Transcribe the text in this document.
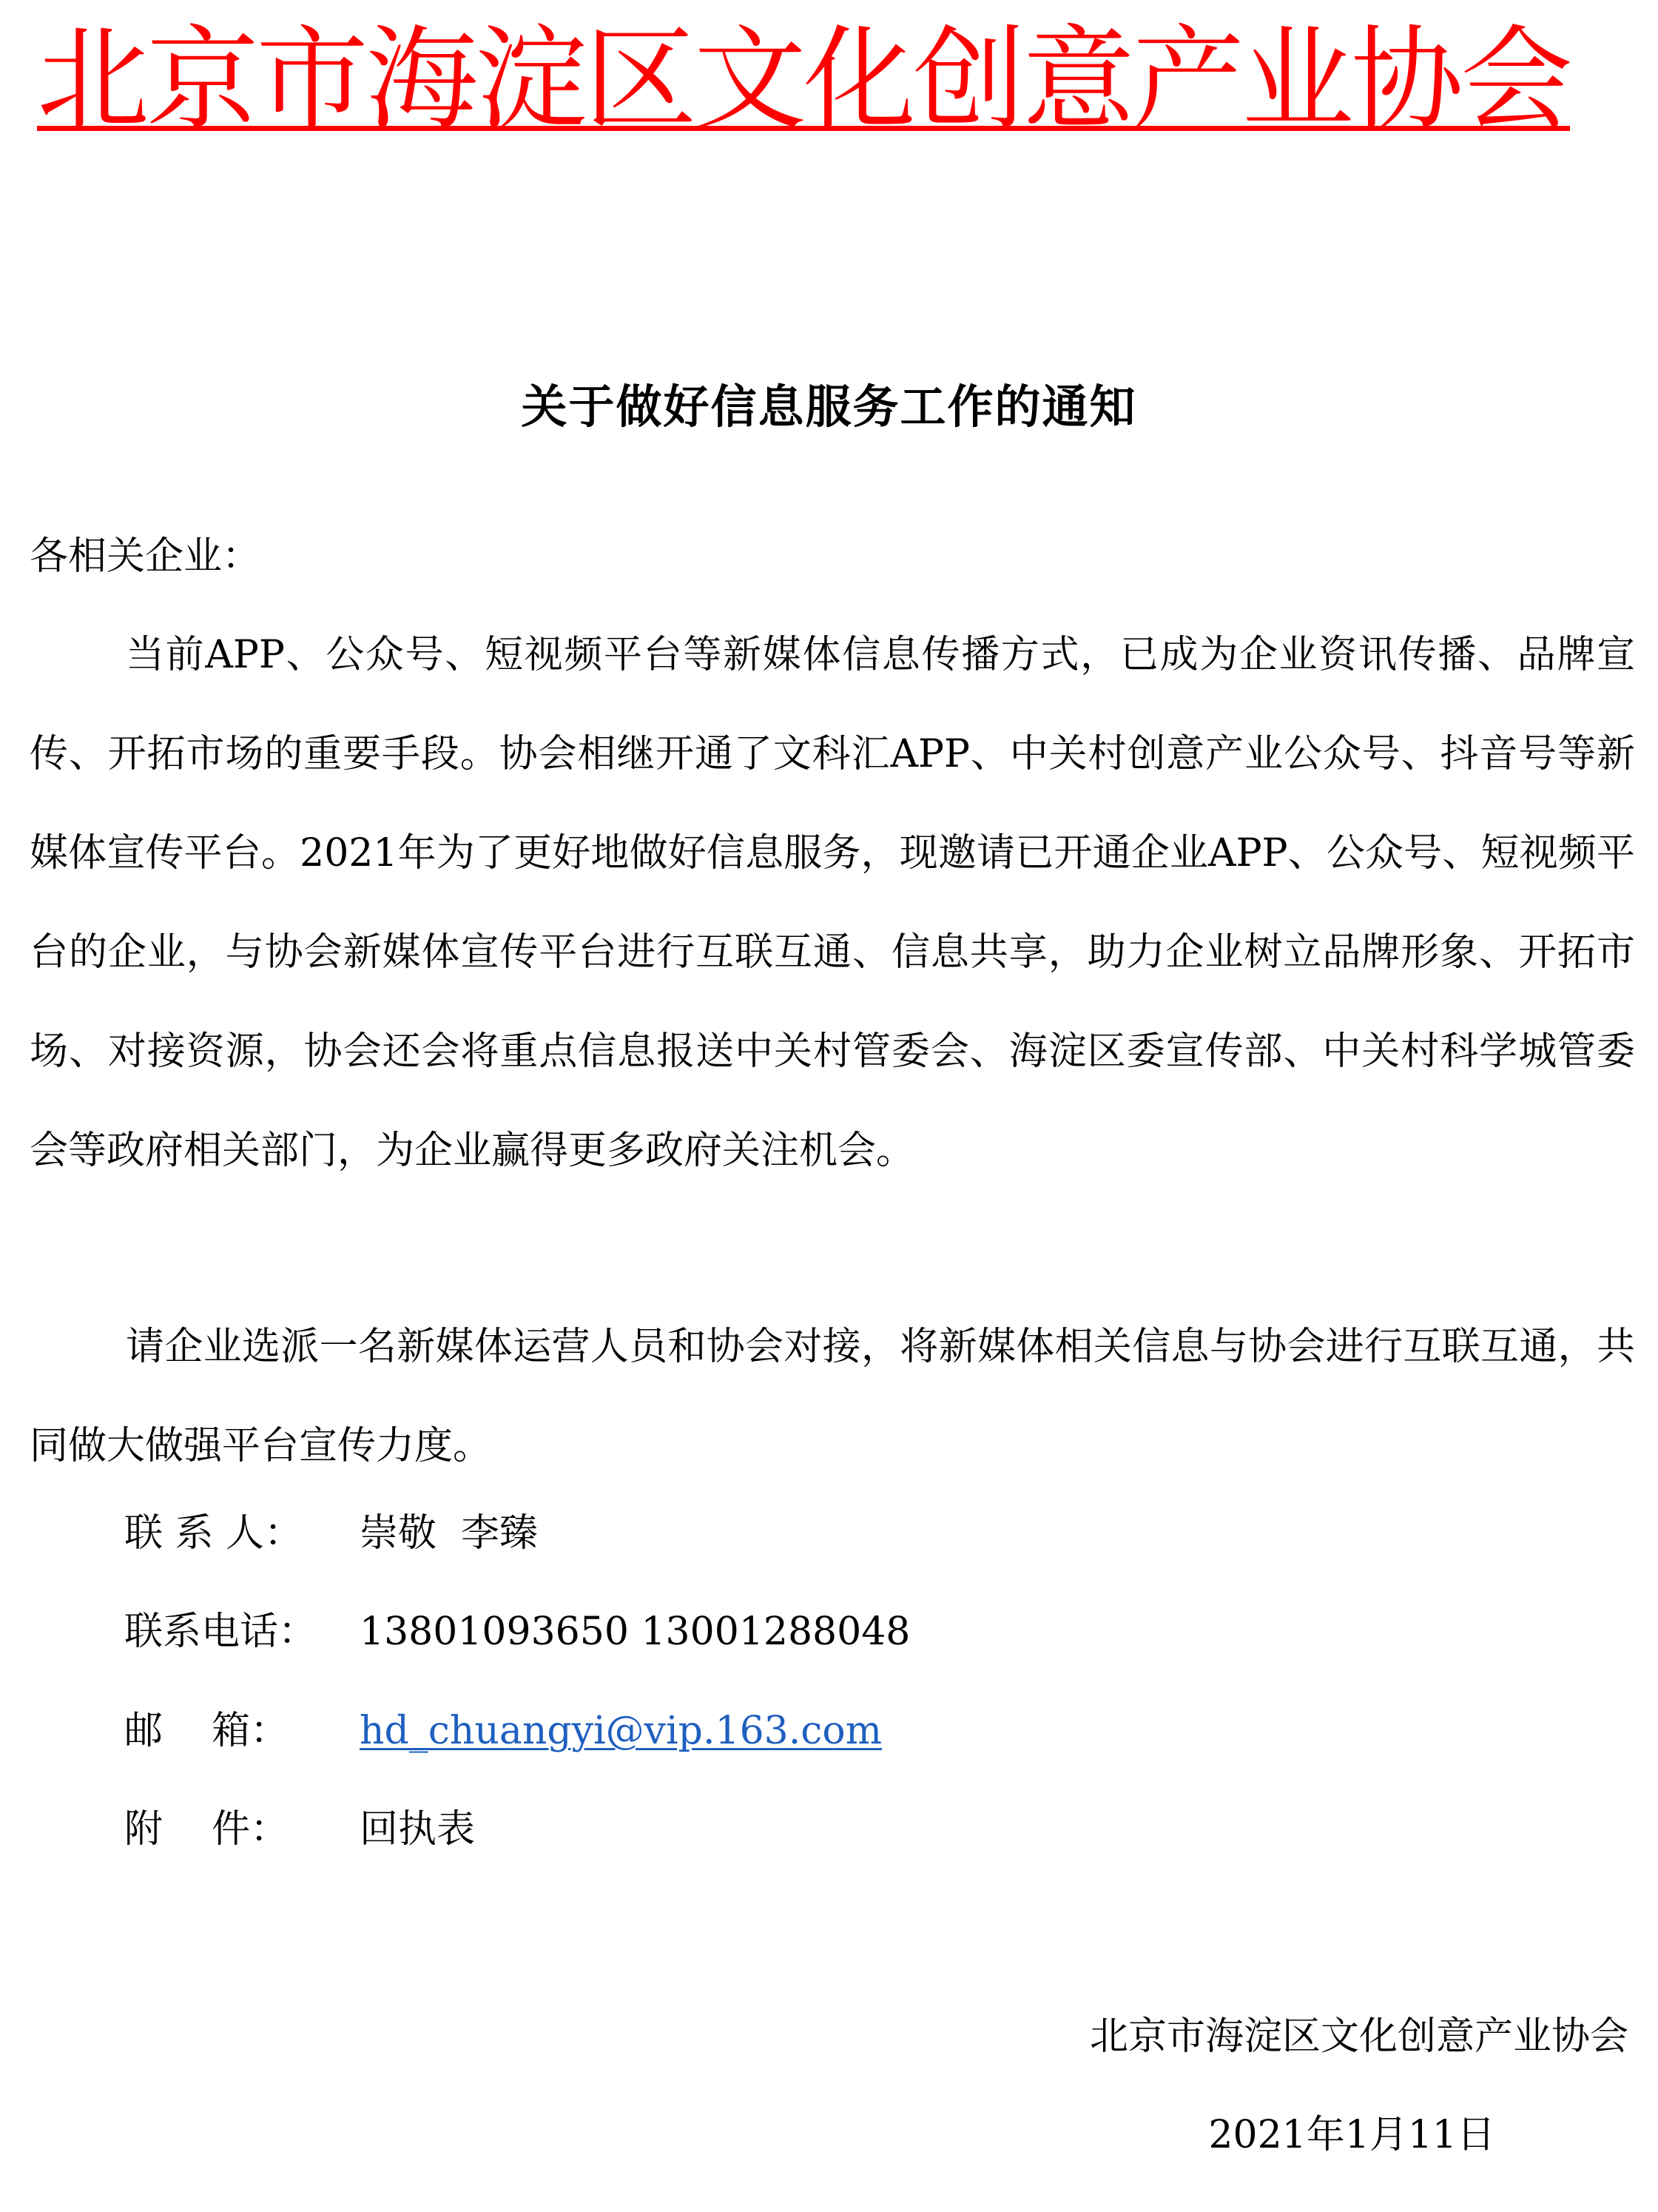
北京市海淀区文化创意产业协会
关于做好信息服务工作的通知
各相关企业：
当前APP、公众号、短视频平台等新媒体信息传播方式，已成为企业资讯传播、品牌宣传、开拓市场的重要手段。协会相继开通了文科汇APP、中关村创意产业公众号、抖音号等新媒体宣传平台。2021年为了更好地做好信息服务，现邀请已开通企业APP、公众号、短视频平台的企业，与协会新媒体宣传平台进行互联互通、信息共享，助力企业树立品牌形象、开拓市场、对接资源，协会还会将重点信息报送中关村管委会、海淀区委宣传部、中关村科学城管委会等政府相关部门，为企业赢得更多政府关注机会。
请企业选派一名新媒体运营人员和协会对接，将新媒体相关信息与协会进行互联互通，共同做大做强平台宣传力度。
联 系 人： 崇敬  李臻
联系电话： 13801093650 13001288048
邮    箱： hd_chuangyi@vip.163.com
附    件： 回执表
北京市海淀区文化创意产业协会
2021年1月11日
